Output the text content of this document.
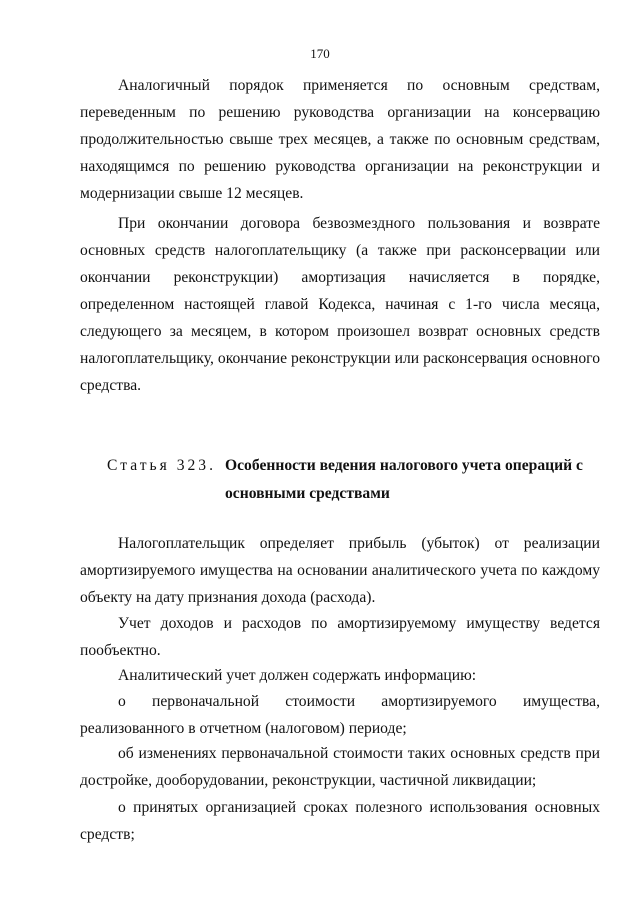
170

Аналогичный порядок применяется по основным средствам, переведенным по решению руководства организации на консервацию продолжительностью свыше трех месяцев, а также по основным средствам, находящимся по решению руководства организации на реконструкции и модернизации свыше 12 месяцев.

При окончании договора безвозмездного пользования и возврате основных средств налогоплательщику (а также при расконсервации или окончании реконструкции) амортизация начисляется в порядке, определенном настоящей главой Кодекса, начиная с 1-го числа месяца, следующего за месяцем, в котором произошел возврат основных средств налогоплательщику, окончание реконструкции или расконсервация основного средства.

Статья 323. Особенности ведения налогового учета операций с основными средствами

Налогоплательщик определяет прибыль (убыток) от реализации амортизируемого имущества на основании аналитического учета по каждому объекту на дату признания дохода (расхода).

Учет доходов и расходов по амортизируемому имуществу ведется пообъектно.

Аналитический учет должен содержать информацию:

о первоначальной стоимости амортизируемого имущества, реализованного в отчетном (налоговом) периоде;

об изменениях первоначальной стоимости таких основных средств при достройке, дооборудовании, реконструкции, частичной ликвидации;

о принятых организацией сроках полезного использования основных средств;
